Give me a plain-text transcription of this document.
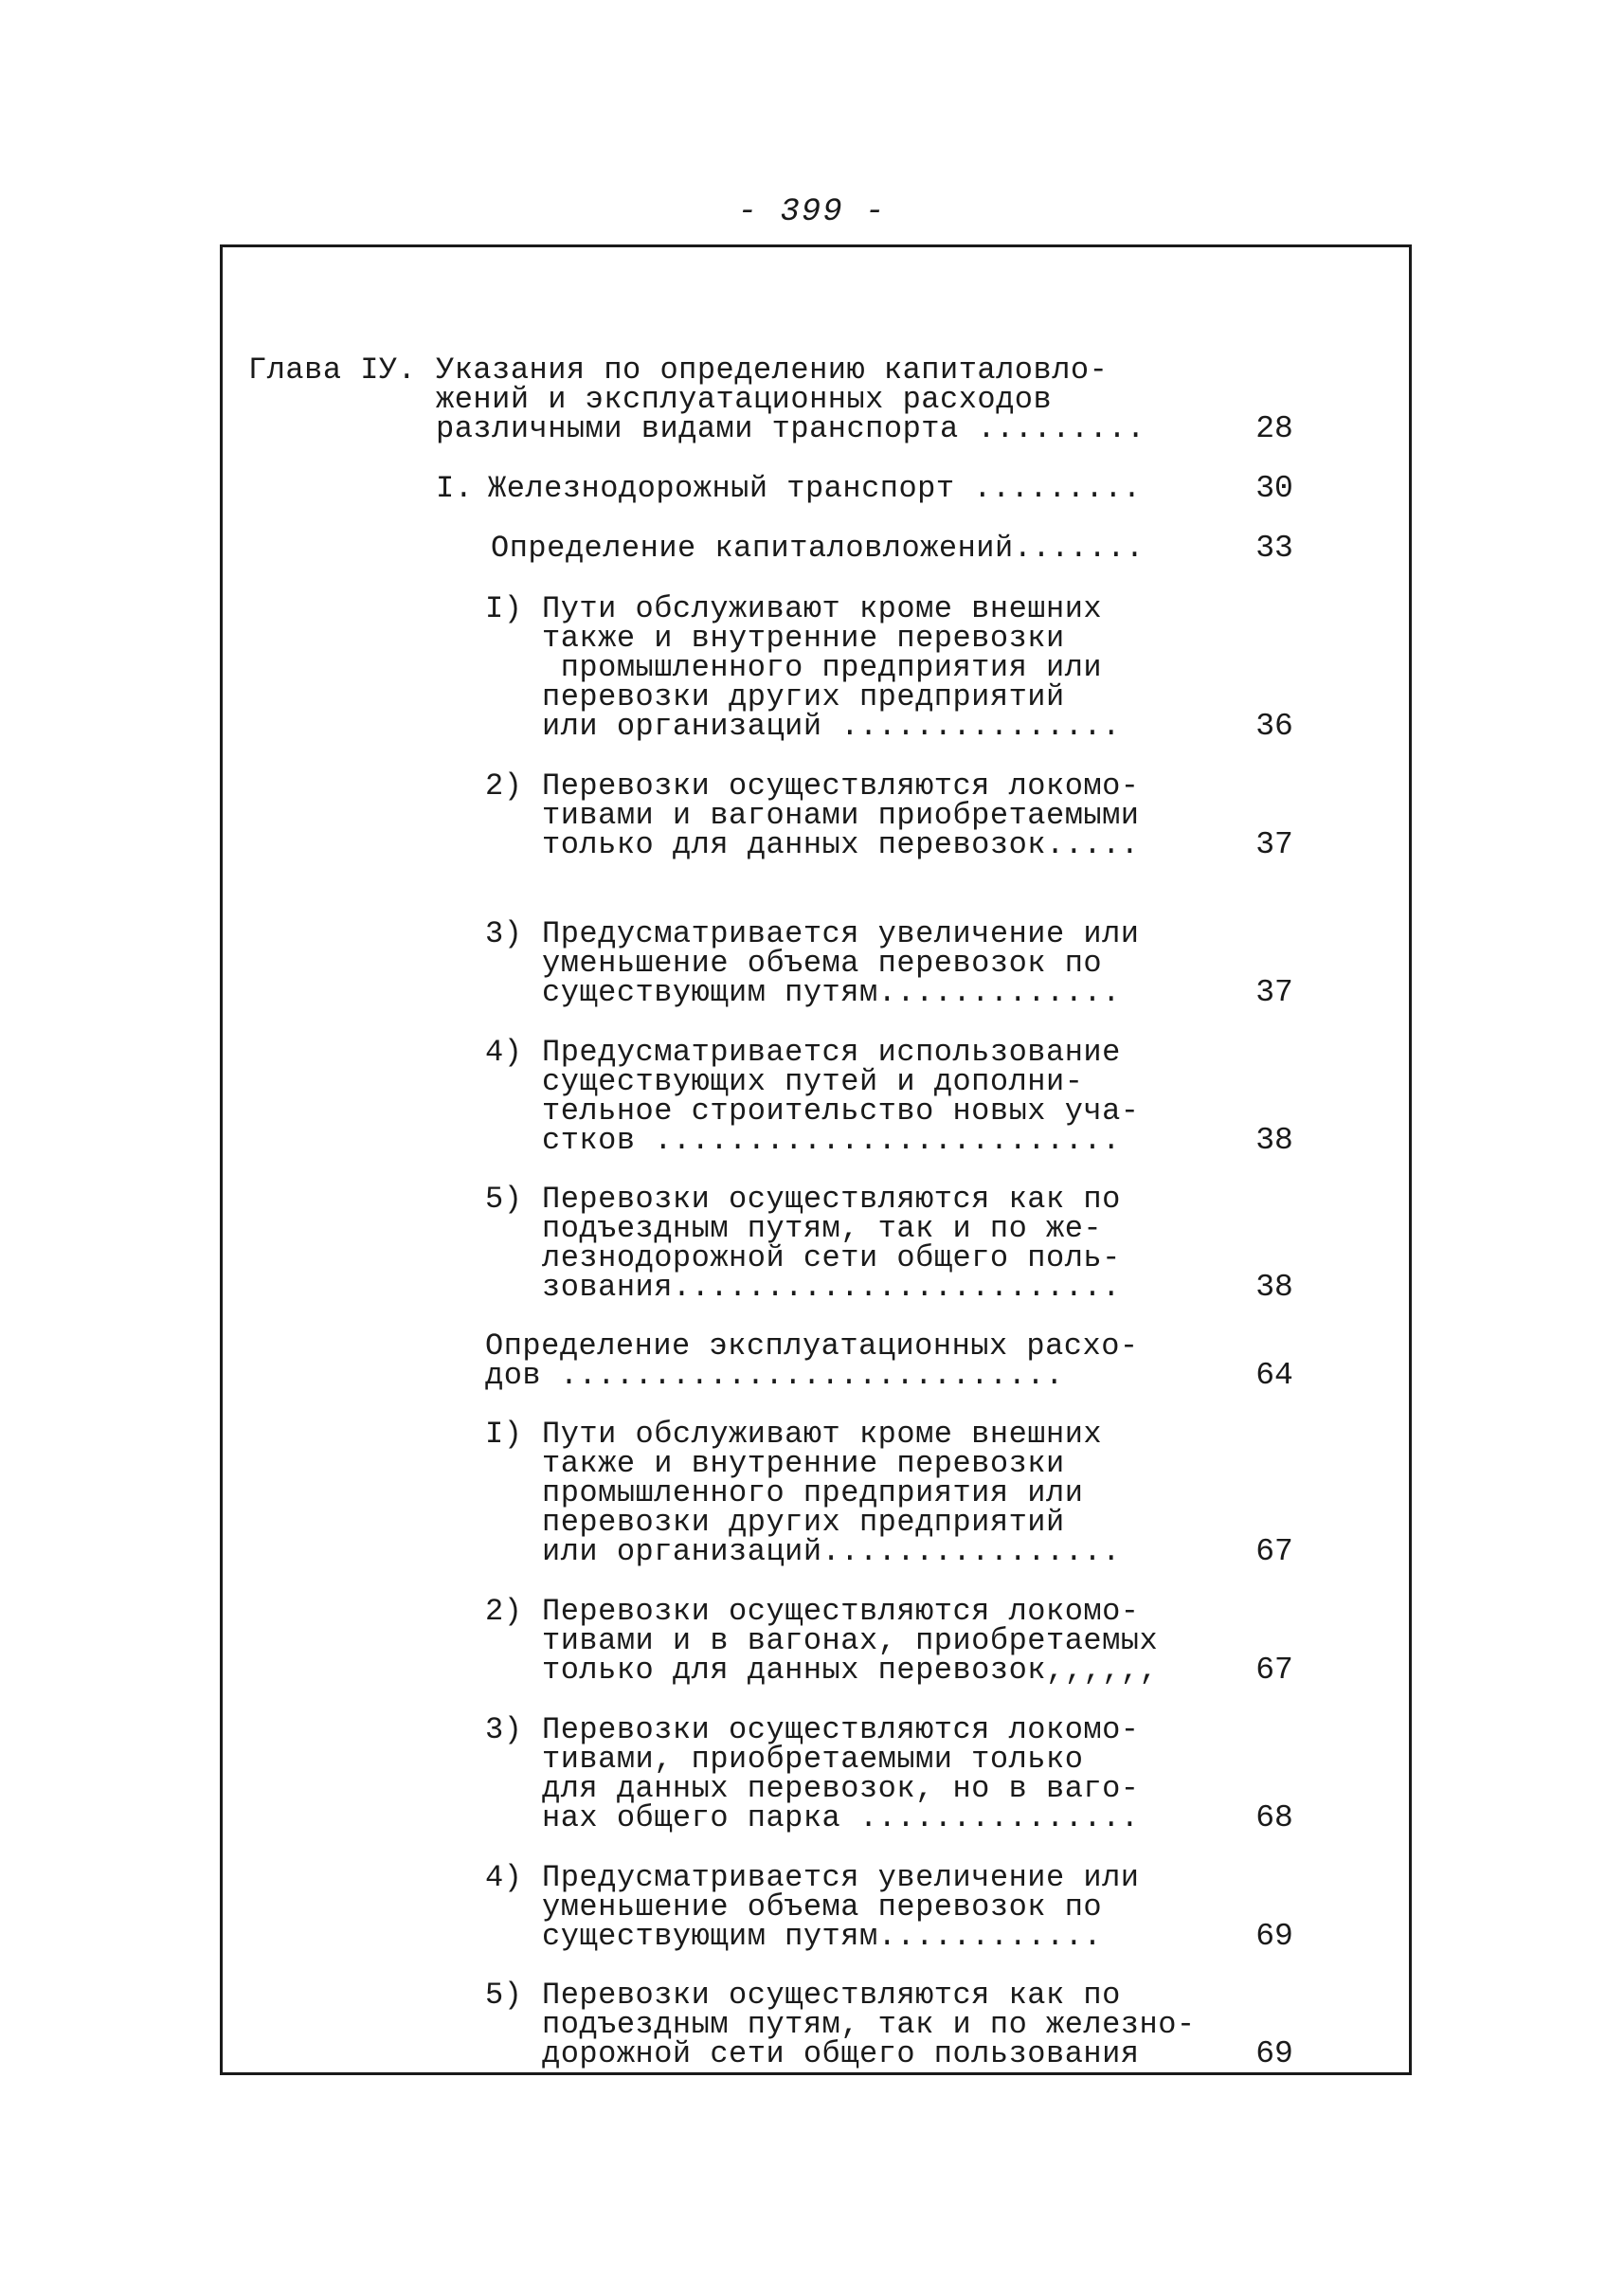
- 399 -
Глава IУ. Указания по определению капиталовло-
жений и эксплуатационных расходов
различными видами транспорта .........	28
I. Железнодорожный транспорт .........	30
Определение капиталовложений.......	33
I) Пути обслуживают кроме внешних
также и внутренние перевозки
промышленного предприятия или
перевозки других предприятий
или организаций ...............	36
2) Перевозки осуществляются локомо-
тивами и вагонами приобретаемыми
только для данных перевозок.....	37
3) Предусматривается увеличение или
уменьшение объема перевозок по
существующим путям.............	37
4) Предусматривается использование
существующих путей и дополни-
тельное строительство новых уча-
стков .........................	38
5) Перевозки осуществляются как по
подъездным путям, так и по же-
лезнодорожной сети общего поль-
зования........................	38
Определение эксплуатационных расхо-
дов ...........................	64
I) Пути обслуживают кроме внешних
также и внутренние перевозки
промышленного предприятия или
перевозки других предприятий
или организаций................	67
2) Перевозки осуществляются локомо-
тивами и в вагонах, приобретаемых
только для данных перевозок,,,,,,	67
3) Перевозки осуществляются локомо-
тивами, приобретаемыми только
для данных перевозок, но в ваго-
нах общего парка ...............	68
4) Предусматривается увеличение или
уменьшение объема перевозок по
существующим путям............	69
5) Перевозки осуществляются как по
подъездным путям, так и по железно-
дорожной сети общего пользования	69
